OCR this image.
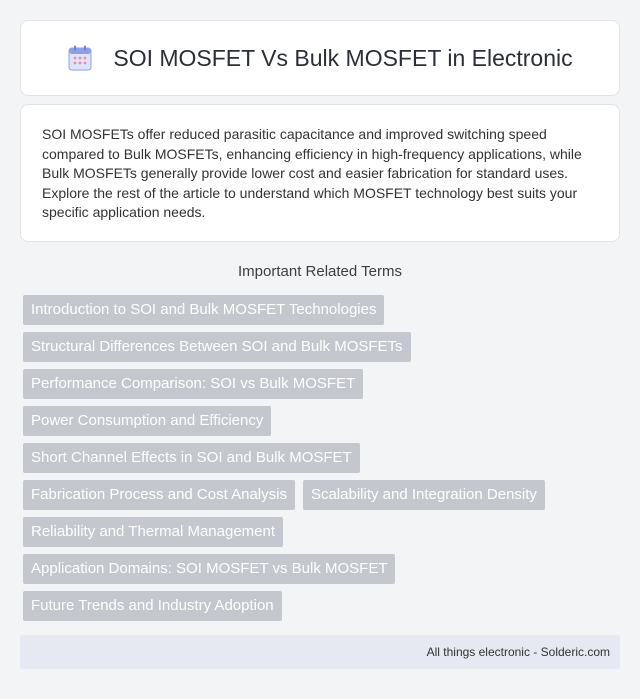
SOI MOSFET Vs Bulk MOSFET in Electronic

SOI MOSFETs offer reduced parasitic capacitance and improved switching speed compared to Bulk MOSFETs, enhancing efficiency in high-frequency applications, while Bulk MOSFETs generally provide lower cost and easier fabrication for standard uses. Explore the rest of the article to understand which MOSFET technology best suits your specific application needs.

Important Related Terms
Introduction to SOI and Bulk MOSFET Technologies
Structural Differences Between SOI and Bulk MOSFETs
Performance Comparison: SOI vs Bulk MOSFET
Power Consumption and Efficiency
Short Channel Effects in SOI and Bulk MOSFET
Fabrication Process and Cost Analysis	Scalability and Integration Density
Reliability and Thermal Management
Application Domains: SOI MOSFET vs Bulk MOSFET
Future Trends and Industry Adoption
All things electronic - Solderic.com
